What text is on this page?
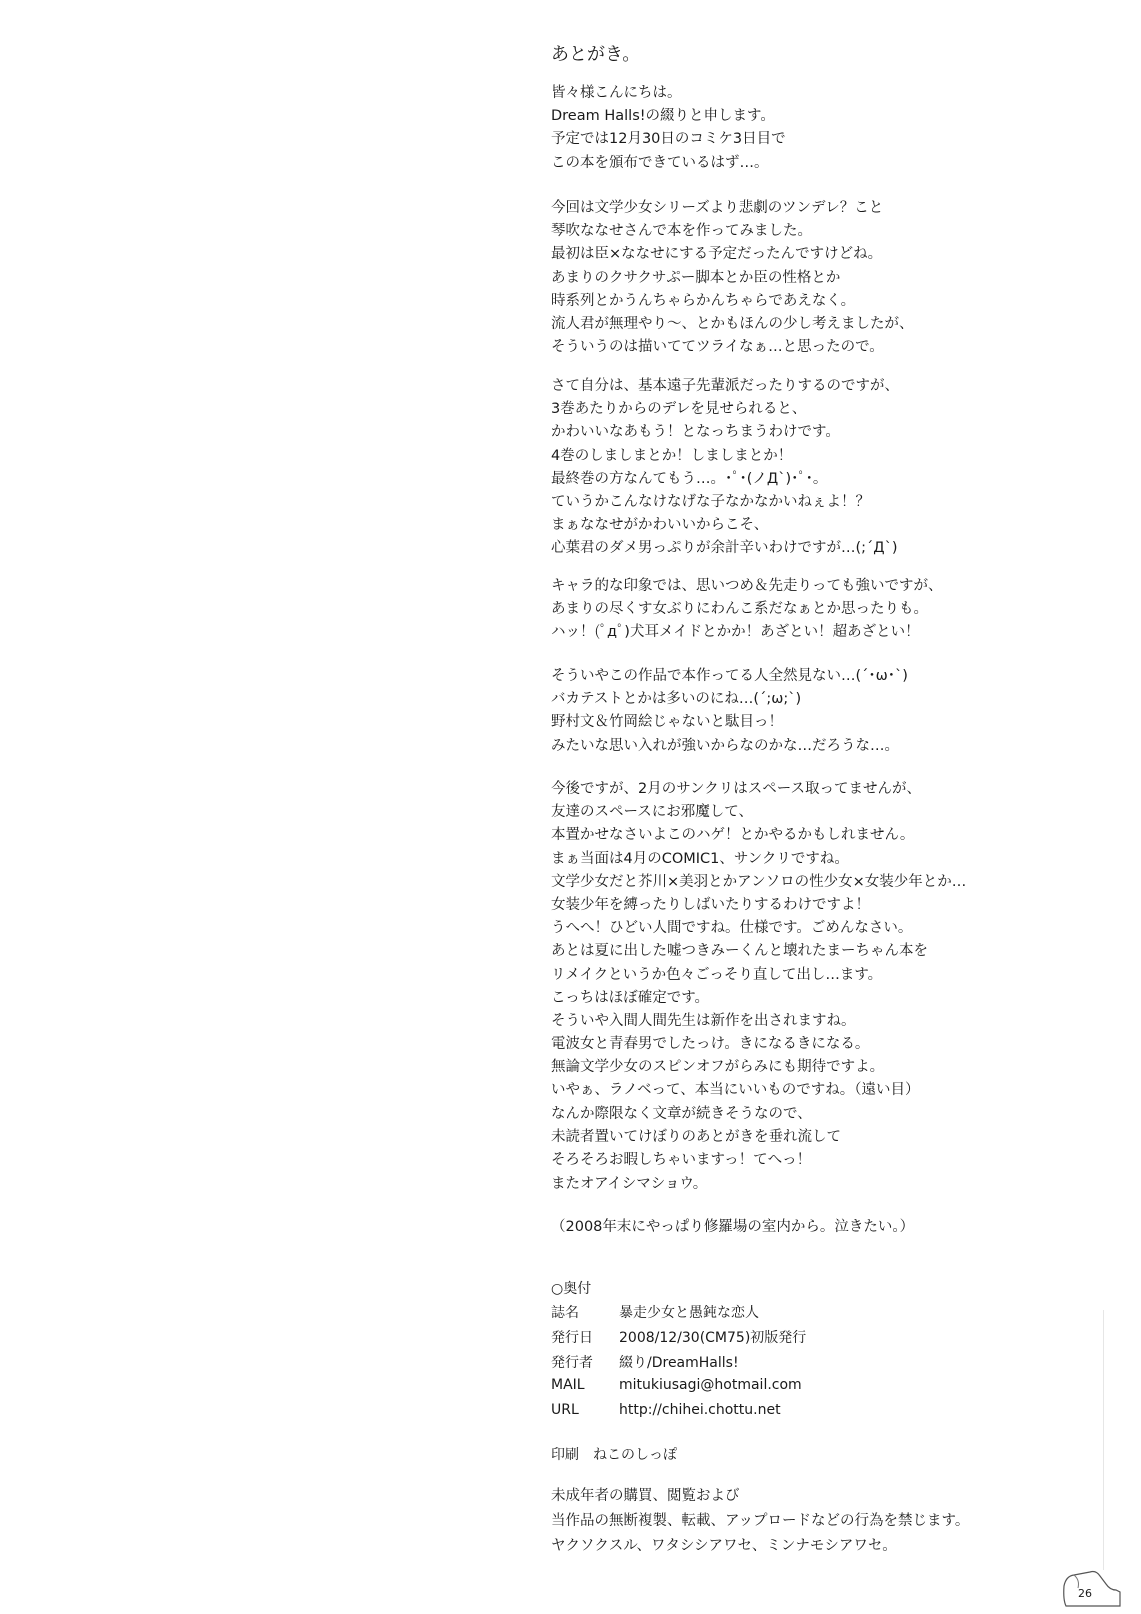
あとがき。
皆々様こんにちは。
Dream Halls!の綴りと申します。
予定では12月30日のコミケ3日目で
この本を頒布できているはず…。
今回は文学少女シリーズより悲劇のツンデレ？こと
琴吹ななせさんで本を作ってみました。
最初は臣×ななせにする予定だったんですけどね。
あまりのクサクサぷー脚本とか臣の性格とか
時系列とかうんちゃらかんちゃらであえなく。
流人君が無理やり～、とかもほんの少し考えましたが、
そういうのは描いててツライなぁ…と思ったので。
さて自分は、基本遠子先輩派だったりするのですが、
3巻あたりからのデレを見せられると、
かわいいなあもう！となっちまうわけです。
4巻のしましまとか！しましまとか！
最終巻の方なんてもう…。･ﾟ･(ノД`)･ﾟ･。
ていうかこんなけなげな子なかなかいねぇよ！？
まぁななせがかわいいからこそ、
心葉君のダメ男っぷりが余計辛いわけですが…(;´Д`)
キャラ的な印象では、思いつめ＆先走りっても強いですが、
あまりの尽くす女ぶりにわんこ系だなぁとか思ったりも。
ハッ！(ﾟдﾟ)犬耳メイドとかか！あざとい！超あざとい！
そういやこの作品で本作ってる人全然見ない…(´･ω･`)
バカテストとかは多いのにね…(´;ω;`)
野村文＆竹岡絵じゃないと駄目っ！
みたいな思い入れが強いからなのかな…だろうな…。
今後ですが、2月のサンクリはスペース取ってませんが、
友達のスペースにお邪魔して、
本置かせなさいよこのハゲ！とかやるかもしれません。
まぁ当面は4月のCOMIC1、サンクリですね。
文学少女だと芥川×美羽とかアンソロの性少女×女装少年とか…
女装少年を縛ったりしばいたりするわけですよ！
うへへ！ひどい人間ですね。仕様です。ごめんなさい。
あとは夏に出した嘘つきみーくんと壊れたまーちゃん本を
リメイクというか色々ごっそり直して出し…ます。
こっちはほぼ確定です。
そういや入間人間先生は新作を出されますね。
電波女と青春男でしたっけ。きになるきになる。
無論文学少女のスピンオフがらみにも期待ですよ。
いやぁ、ラノベって、本当にいいものですね。（遠い目）
なんか際限なく文章が続きそうなので、
未読者置いてけぼりのあとがきを垂れ流して
そろそろお暇しちゃいますっ！てへっ！
またオアイシマショウ。
（2008年末にやっぱり修羅場の室内から。泣きたい。）
○奥付
誌名	暴走少女と愚鈍な恋人
発行日 2008/12/30(CM75)初版発行
発行者 綴り/DreamHalls!
MAIL mitukiusagi@hotmail.com
URL	http://chihei.chottu.net
印刷　ねこのしっぽ
未成年者の購買、閲覧および
当作品の無断複製、転載、アップロードなどの行為を禁じます。
ヤクソクスル、ワタシシアワセ、ミンナモシアワセ。
26
